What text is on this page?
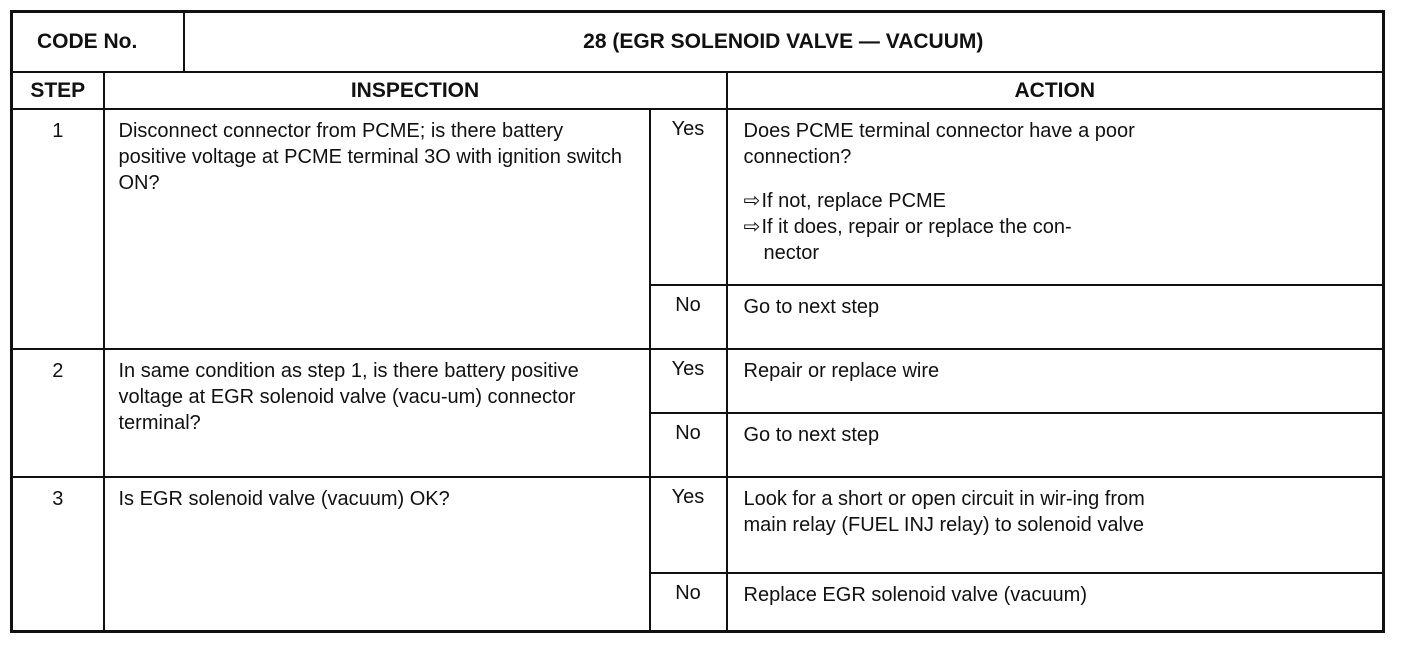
CODE No.		28 (EGR SOLENOID VALVE — VACUUM)		
STEP	INSPECTION			ACTION
1	Disconnect connector from PCME; is there battery positive voltage at PCME terminal 3O with ignition switch ON?		Yes	Does PCME terminal connector have a poor connection?
⇨If not, replace PCME
⇨If it does, repair or replace the con-
nector

			No	Go to next step
2	In same condition as step 1, is there battery positive voltage at EGR solenoid valve (vacu-um) connector terminal?		Yes	Repair or replace wire
			No	Go to next step
3	Is EGR solenoid valve (vacuum) OK?		Yes	Look for a short or open circuit in wir-ing from main relay (FUEL INJ relay) to solenoid valve

			No	Replace EGR solenoid valve (vacuum)
